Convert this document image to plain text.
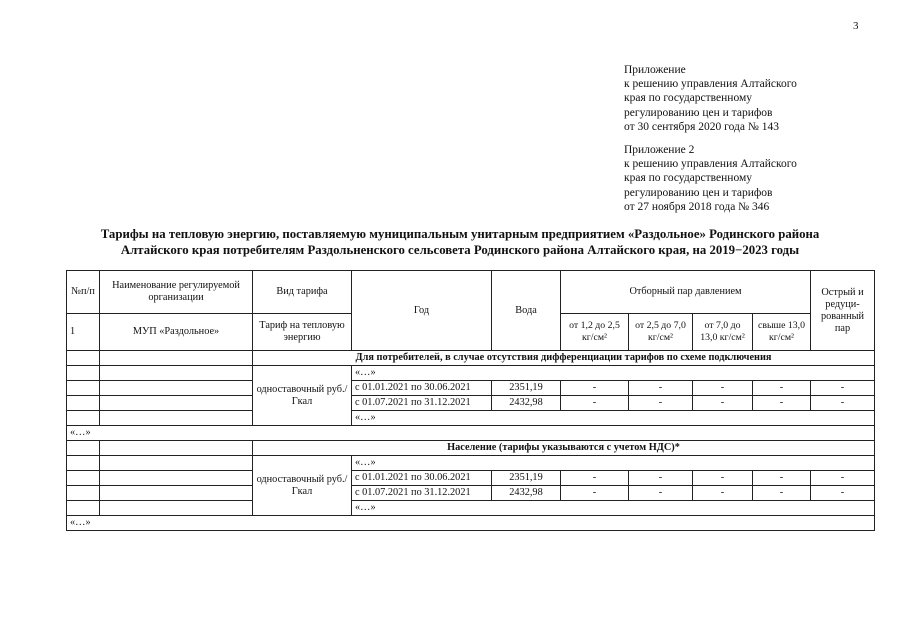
3
Приложение
к решению управления Алтайского
края по государственному
регулированию цен и тарифов
от 30 сентября 2020 года № 143
Приложение 2
к решению управления Алтайского
края по государственному
регулированию цен и тарифов
от 27 ноября 2018 года № 346
Тарифы на тепловую энергию, поставляемую муниципальным унитарным предприятием «Раздольное» Родинского района
Алтайского края потребителям Раздольненского сельсовета Родинского района Алтайского края, на 2019−2023 годы
№п/п	Наименование регулируемой организации	Вид тарифа	Год	Вода	Отборный пар давлением				Острый и редуци-рованный пар
1	МУП «Раздольное»	Тариф на тепловую энергию			от 1,2 до 2,5 кг/см²	от 2,5 до 7,0 кг/см²	от 7,0 до 13,0 кг/см²	свыше 13,0 кг/см²	
		Для потребителей, в случае отсутствия дифференциации тарифов по схеме подключения							
		одноставочный руб./Гкал	«…»						
			с 01.01.2021 по 30.06.2021	2351,19	-	-	-	-	-
			с 01.07.2021 по 31.12.2021	2432,98	-	-	-	-	-
			«…»						
«…»									
		Население (тарифы указываются с учетом НДС)*							
		одноставочный руб./Гкал	«…»						
			с 01.01.2021 по 30.06.2021	2351,19	-	-	-	-	-
			с 01.07.2021 по 31.12.2021	2432,98	-	-	-	-	-
			«…»						
«…»									
